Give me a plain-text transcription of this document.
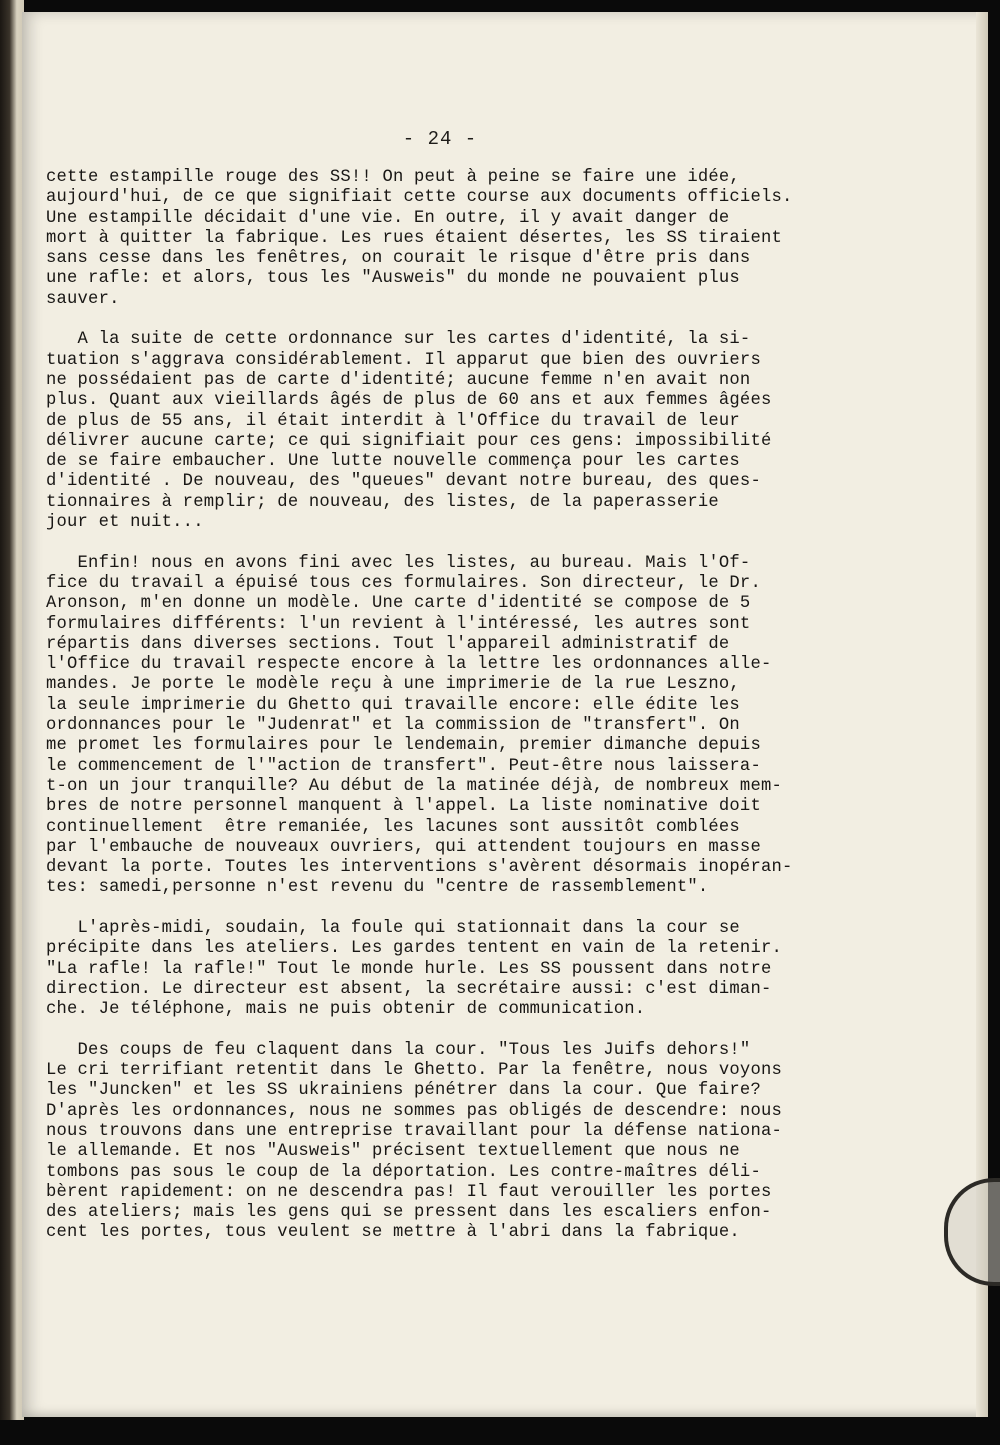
- 24 -
cette estampille rouge des SS!! On peut à peine se faire une idée,
aujourd'hui, de ce que signifiait cette course aux documents officiels.
Une estampille décidait d'une vie. En outre, il y avait danger de
mort à quitter la fabrique. Les rues étaient désertes, les SS tiraient
sans cesse dans les fenêtres, on courait le risque d'être pris dans
une rafle: et alors, tous les "Ausweis" du monde ne pouvaient plus
sauver.
A la suite de cette ordonnance sur les cartes d'identité, la si-
tuation s'aggrava considérablement. Il apparut que bien des ouvriers
ne possédaient pas de carte d'identité; aucune femme n'en avait non
plus. Quant aux vieillards âgés de plus de 60 ans et aux femmes âgées
de plus de 55 ans, il était interdit à l'Office du travail de leur
délivrer aucune carte; ce qui signifiait pour ces gens: impossibilité
de se faire embaucher. Une lutte nouvelle commença pour les cartes
d'identité . De nouveau, des "queues" devant notre bureau, des ques-
tionnaires à remplir; de nouveau, des listes, de la paperasserie
jour et nuit...
Enfin! nous en avons fini avec les listes, au bureau. Mais l'Of-
fice du travail a épuisé tous ces formulaires. Son directeur, le Dr.
Aronson, m'en donne un modèle. Une carte d'identité se compose de 5
formulaires différents: l'un revient à l'intéressé, les autres sont
répartis dans diverses sections. Tout l'appareil administratif de
l'Office du travail respecte encore à la lettre les ordonnances alle-
mandes. Je porte le modèle reçu à une imprimerie de la rue Leszno,
la seule imprimerie du Ghetto qui travaille encore: elle édite les
ordonnances pour le "Judenrat" et la commission de "transfert". On
me promet les formulaires pour le lendemain, premier dimanche depuis
le commencement de l'"action de transfert". Peut-être nous laissera-
t-on un jour tranquille? Au début de la matinée déjà, de nombreux mem-
bres de notre personnel manquent à l'appel. La liste nominative doit
continuellement  être remaniée, les lacunes sont aussitôt comblées
par l'embauche de nouveaux ouvriers, qui attendent toujours en masse
devant la porte. Toutes les interventions s'avèrent désormais inopéran-
tes: samedi,personne n'est revenu du "centre de rassemblement".
L'après-midi, soudain, la foule qui stationnait dans la cour se
précipite dans les ateliers. Les gardes tentent en vain de la retenir.
"La rafle! la rafle!" Tout le monde hurle. Les SS poussent dans notre
direction. Le directeur est absent, la secrétaire aussi: c'est diman-
che. Je téléphone, mais ne puis obtenir de communication.
Des coups de feu claquent dans la cour. "Tous les Juifs dehors!"
Le cri terrifiant retentit dans le Ghetto. Par la fenêtre, nous voyons
les "Juncken" et les SS ukrainiens pénétrer dans la cour. Que faire?
D'après les ordonnances, nous ne sommes pas obligés de descendre: nous
nous trouvons dans une entreprise travaillant pour la défense nationa-
le allemande. Et nos "Ausweis" précisent textuellement que nous ne
tombons pas sous le coup de la déportation. Les contre-maîtres déli-
bèrent rapidement: on ne descendra pas! Il faut verouiller les portes
des ateliers; mais les gens qui se pressent dans les escaliers enfon-
cent les portes, tous veulent se mettre à l'abri dans la fabrique.
